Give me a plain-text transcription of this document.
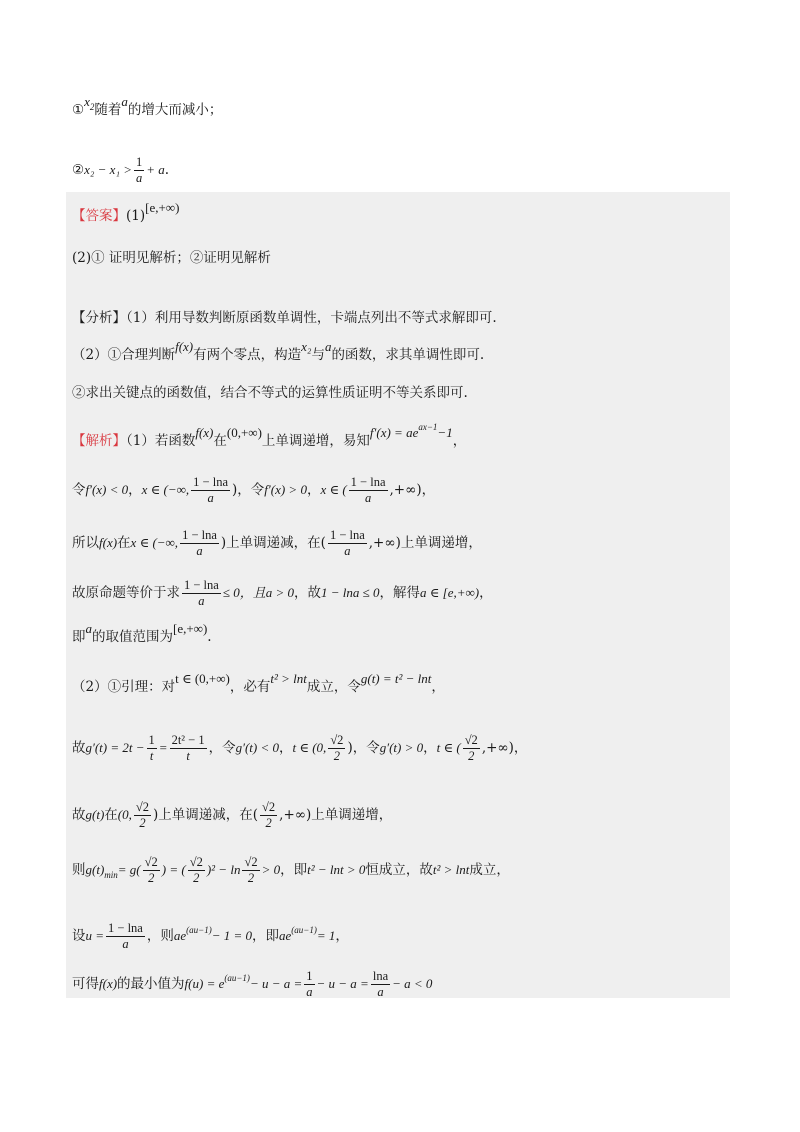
$①x_2$随着a的增大而减小；
②x₂ − $x_1 > \frac{1}{a} + a$.
【答案】(1)[e,+∞)
(2)① 证明见解析；②证明见解析
【分析】（1）利用导数判断原函数单调性，卡端点列出不等式求解即可.
（2）①合理判断f(x)有两个零点，构造x₂与a的函数，求其单调性即可.
②求出关键点的函数值，结合不等式的运算性质证明不等关系即可.
【解析】（1）若函数f(x)在(0,+∞)上单调递增，易知$f'(x) = ae^{ax-1}-1$，
令f′(x) < 0，x ∈ (−∞, $\frac{1 - \ln a}{a}$ )，令f′(x) > 0，x ∈ ( $\frac{1 - \ln a}{a}$ ,+∞)，
所以f(x)在x ∈ (−∞, $\frac{1 - \ln a}{a}$ )上单调递减，在( $\frac{1 - \ln a}{a}$ ,+∞)上单调递增，
故原命题等价于求 $\frac{1 - \ln a}{a} \le 0$，且a > 0，故1 − lna ≤ 0，解得a ∈ [e,+∞)，
即a的取值范围为[e,+∞).
（2）①引理：对t ∈ (0,+∞)，必有t² > lnt成立，令g(t) = t² − lnt，
故$g'(t) = 2t - \frac{1}{t} = \frac{\text{2t² − 1}}{t}$ ，令g′(t) < 0，t ∈ (0, $\frac{√2}{2}$ )，令g′(t) > 0，t ∈ ( $\frac{√2}{2}$ ,+∞)，
故g(t)在(0, $\frac{√2}{2}$ )上单调递减，在( $\frac{√2}{2}$ ,+∞)上单调递增，
则$g(t)_{min}= g( \frac{√2}{2}$ ) = ( $\frac{√2}{2} )^2 - \ln \frac{√2}{2} > 0$，即t² − lnt > 0恒成立，故t² > lnt成立，
设$u = \frac{1 - \ln a}{a}$ ，则$ae^{(au-1)}- 1 = 0$，即$ae^{(au-1)}= 1$，
可得f(x)的最小值为$f(u) = e^{(au-1)}- u - a = \frac{1}{a} - u - a = \frac{\ln a}{a} - a < 0$
